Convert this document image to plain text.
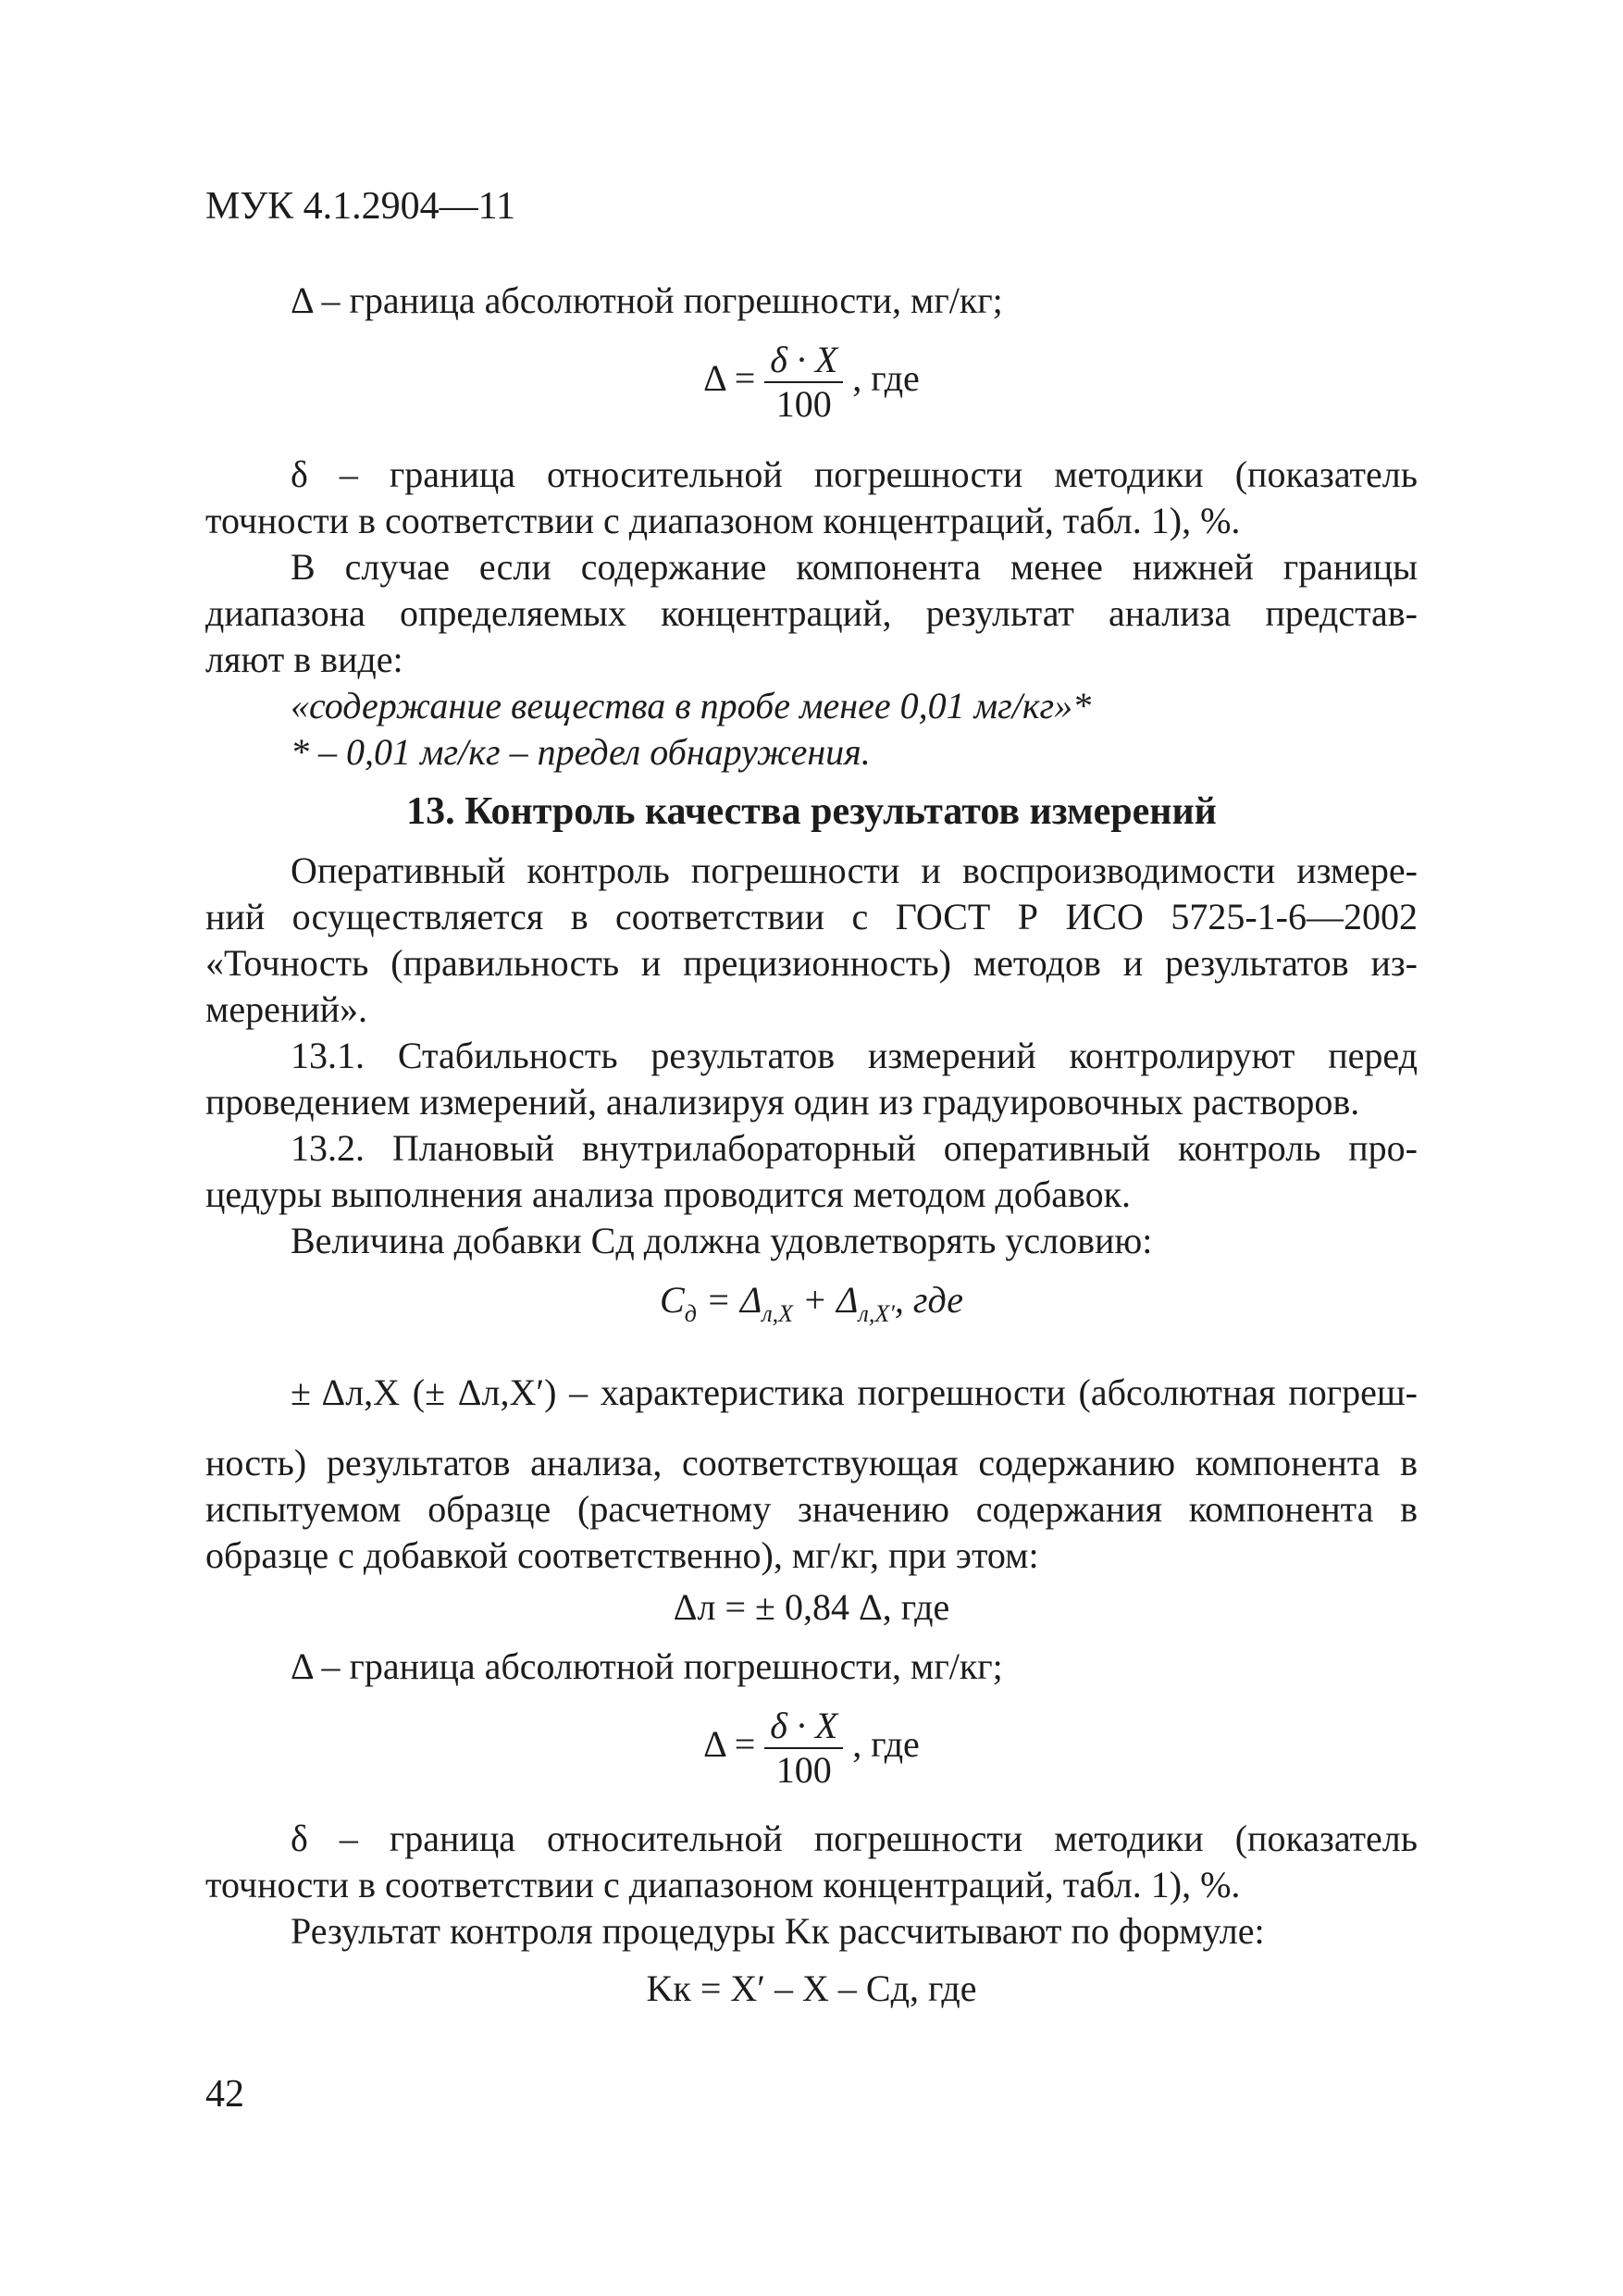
МУК 4.1.2904—11
Δ – граница абсолютной погрешности, мг/кг;
$\Delta = \frac{\delta \cdot X}{100}$ , где
δ – граница относительной погрешности методики (показатель
точности в соответствии с диапазоном концентраций, табл. 1), %.
В случае если содержание компонента менее нижней границы
диапазона определяемых концентраций, результат анализа представ-
ляют в виде:
«содержание вещества в пробе менее 0,01 мг/кг»*
* – 0,01 мг/кг – предел обнаружения.
13. Контроль качества результатов измерений
Оперативный контроль погрешности и воспроизводимости измере-
ний осуществляется в соответствии с ГОСТ Р ИСО 5725-1-6—2002
«Точность (правильность и прецизионность) методов и результатов из-
мерений».
13.1. Стабильность результатов измерений контролируют перед
проведением измерений, анализируя один из градуировочных растворов.
13.2. Плановый внутрилабораторный оперативный контроль про-
цедуры выполнения анализа проводится методом добавок.
Величина добавки Cд должна удовлетворять условию:
$C_д = \Delta_{л,X} + \Delta_{л,X'}$, где
± Δл,X (± Δл,X′) – характеристика погрешности (абсолютная погреш-
ность) результатов анализа, соответствующая содержанию компонента в
испытуемом образце (расчетному значению содержания компонента в
образце с добавкой соответственно), мг/кг, при этом:
Δл = ± 0,84 Δ, где
Δ – граница абсолютной погрешности, мг/кг;
$\Delta = \frac{\delta \cdot X}{100}$ , где
δ – граница относительной погрешности методики (показатель
точности в соответствии с диапазоном концентраций, табл. 1), %.
Результат контроля процедуры Kк рассчитывают по формуле:
Kк = X′ – X – Cд, где
42
